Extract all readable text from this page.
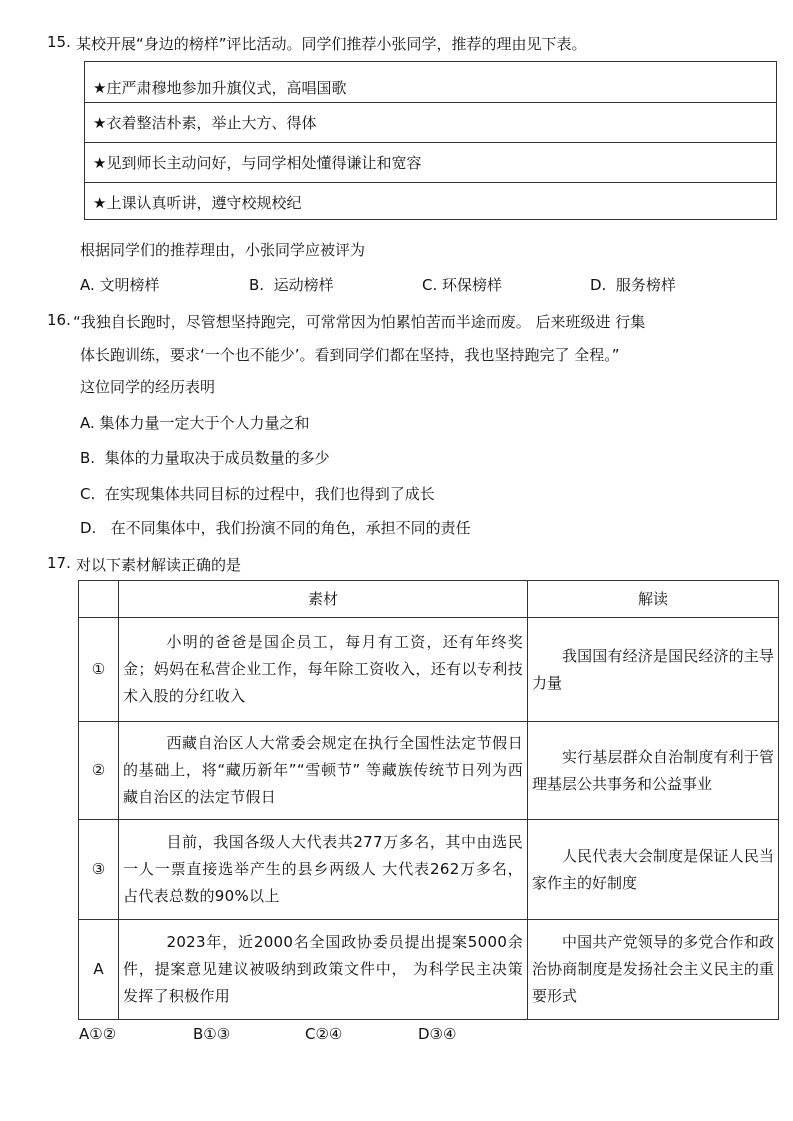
15. 某校开展“身边的榜样”评比活动。同学们推荐小张同学，推荐的理由见下表。
★庄严肃穆地参加升旗仪式，高唱国歌
★衣着整洁朴素，举止大方、得体
★见到师长主动问好，与同学相处懂得谦让和宽容
★上课认真听讲，遵守校规校纪
根据同学们的推荐理由，小张同学应被评为
A. 文明榜样	B. 运动榜样	C. 环保榜样	D. 服务榜样
16. “我独自长跑时，尽管想坚持跑完，可常常因为怕累怕苦而半途而废。 后来班级进 行集
体长跑训练，要求‘一个也不能少’。看到同学们都在坚持，我也坚持跑完了 全程。”
这位同学的经历表明
A. 集体力量一定大于个人力量之和
B. 集体的力量取决于成员数量的多少
C. 在实现集体共同目标的过程中，我们也得到了成长
D. 在不同集体中，我们扮演不同的角色，承担不同的责任
17. 对以下素材解读正确的是
	素材	解读
①	小明的爸爸是国企员工，每月有工资，还有年终奖金；妈妈在私营企业工作，每年除工资收入，还有以专利技术入股的分红收入	我国国有经济是国民经济的主导力量
②	西藏自治区人大常委会规定在执行全国性法定节假日的基础上，将“藏历新年”“雪顿节” 等藏族传统节日列为西藏自治区的法定节假日	实行基层群众自治制度有利于管理基层公共事务和公益事业
③	目前，我国各级人大代表共277万多名，其中由选民一人一票直接选举产生的县乡两级人 大代表262万多名，占代表总数的90%以上	人民代表大会制度是保证人民当家作主的好制度
A	2023年，近2000名全国政协委员提出提案5000余件，提案意见建议被吸纳到政策文件中， 为科学民主决策发挥了积极作用	中国共产党领导的多党合作和政治协商制度是发扬社会主义民主的重要形式
A①②	B①③	C②④	D③④
